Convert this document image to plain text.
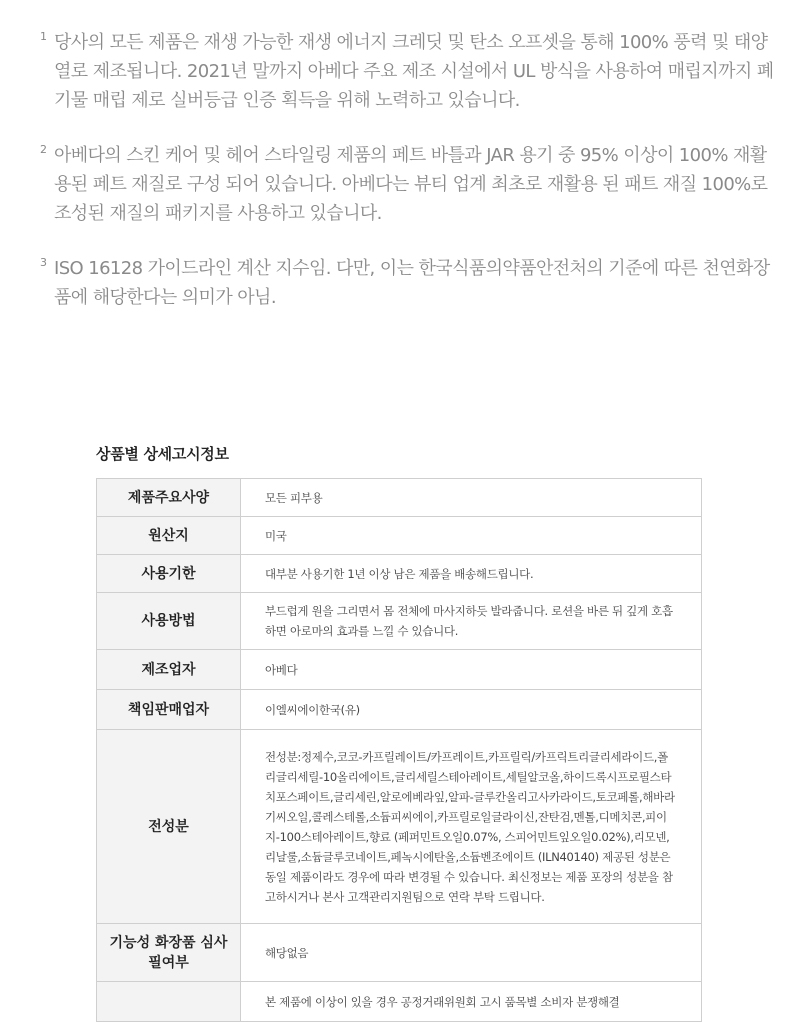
1 당사의 모든 제품은 재생 가능한 재생 에너지 크레딧 및 탄소 오프셋을 통해 100% 풍력 및 태양열로 제조됩니다. 2021년 말까지 아베다 주요 제조 시설에서 UL 방식을 사용하여 매립지까지 폐기물 매립 제로 실버등급 인증 획득을 위해 노력하고 있습니다.

2 아베다의 스킨 케어 및 헤어 스타일링 제품의 페트 바틀과 JAR 용기 중 95% 이상이 100% 재활용된 페트 재질로 구성 되어 있습니다. 아베다는 뷰티 업계 최초로 재활용 된 패트 재질 100%로 조성된 재질의 패키지를 사용하고 있습니다.

3 ISO 16128 가이드라인 계산 지수임. 다만, 이는 한국식품의약품안전처의 기준에 따른 천연화장품에 해당한다는 의미가 아님.

상품별 상세고시정보
제품주요사양	모든 피부용
원산지	미국
사용기한	대부분 사용기한 1년 이상 남은 제품을 배송해드립니다.
사용방법	부드럽게 원을 그리면서 몸 전체에 마사지하듯 발라줍니다. 로션을 바른 뒤 깊게 호흡하면 아로마의 효과를 느낄 수 있습니다.
제조업자	아베다
책임판매업자	이엘씨에이한국(유)
전성분	전성분:정제수,코코-카프릴레이트/카프레이트,카프릴릭/카프릭트리글리세라이드,폴리글리세릴-10올리에이트,글리세릴스테아레이트,세틸알코올,하이드록시프로필스타치포스페이트,글리세린,알로에베라잎,알파-글루칸올리고사카라이드,토코페롤,해바라기씨오일,콜레스테롤,소듐피씨에이,카프릴로일글라이신,잔탄검,멘톨,디메치콘,피이지-100스테아레이트,향료 (페퍼민트오일0.07%, 스피어민트잎오일0.02%),리모넨,리날룰,소듐글루코네이트,페녹시에탄올,소듐벤조에이트 (ILN40140) 제공된 성분은 동일 제품이라도 경우에 따라 변경될 수 있습니다. 최신정보는 제품 포장의 성분을 참고하시거나 본사 고객관리지원팀으로 연락 부탁 드립니다.
기능성 화장품 심사필여부	해당없음
	본 제품에 이상이 있을 경우 공정거래위원회 고시 품목별 소비자 분쟁해결
